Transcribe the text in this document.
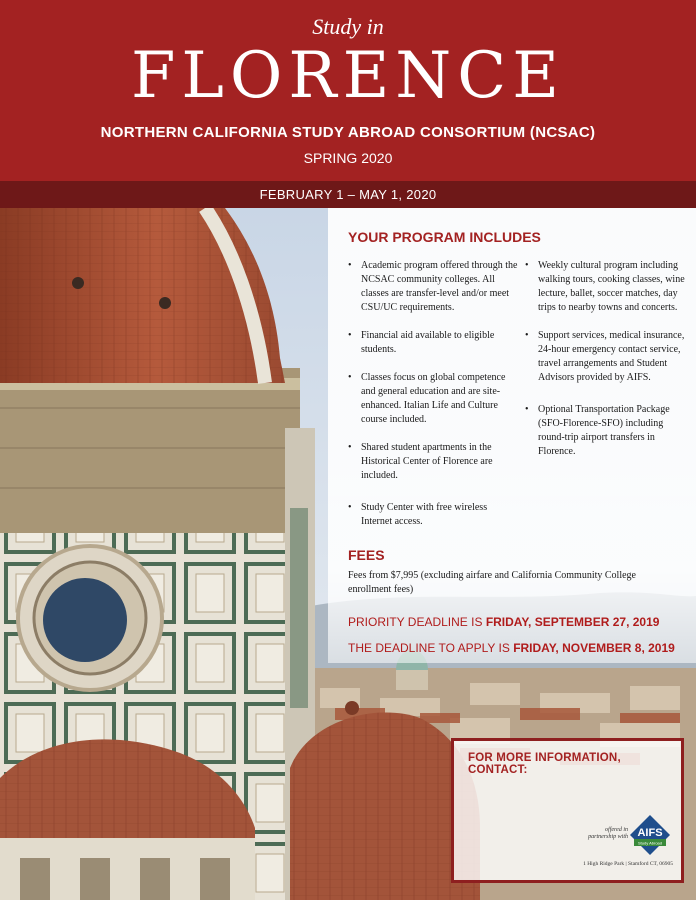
Study in
FLORENCE
NORTHERN CALIFORNIA STUDY ABROAD CONSORTIUM (NCSAC)
SPRING 2020
FEBRUARY 1 – MAY 1, 2020
YOUR PROGRAM INCLUDES
• Academic program offered through the NCSAC community colleges. All classes are transfer-level and/or meet CSU/UC requirements.
• Financial aid available to eligible students.
• Classes focus on global competence and general education and are site-enhanced. Italian Life and Culture course included.
• Shared student apartments in the Historical Center of Florence are included.
• Study Center with free wireless Internet access.
• Weekly cultural program including walking tours, cooking classes, wine lecture, ballet, soccer matches, day trips to nearby towns and concerts.
• Support services, medical insurance, 24-hour emergency contact service, travel arrangements and Student Advisors provided by AIFS.
• Optional Transportation Package (SFO-Florence-SFO) including round-trip airport transfers in Florence.
FEES
Fees from $7,995 (excluding airfare and California Community College enrollment fees)
PRIORITY DEADLINE IS FRIDAY, SEPTEMBER 27, 2019
THE DEADLINE TO APPLY IS FRIDAY, NOVEMBER 8, 2019
FOR MORE INFORMATION, CONTACT:
offered in
partnership with AIFS
Study Abroad
1 High Ridge Park | Stamford CT, 06905
